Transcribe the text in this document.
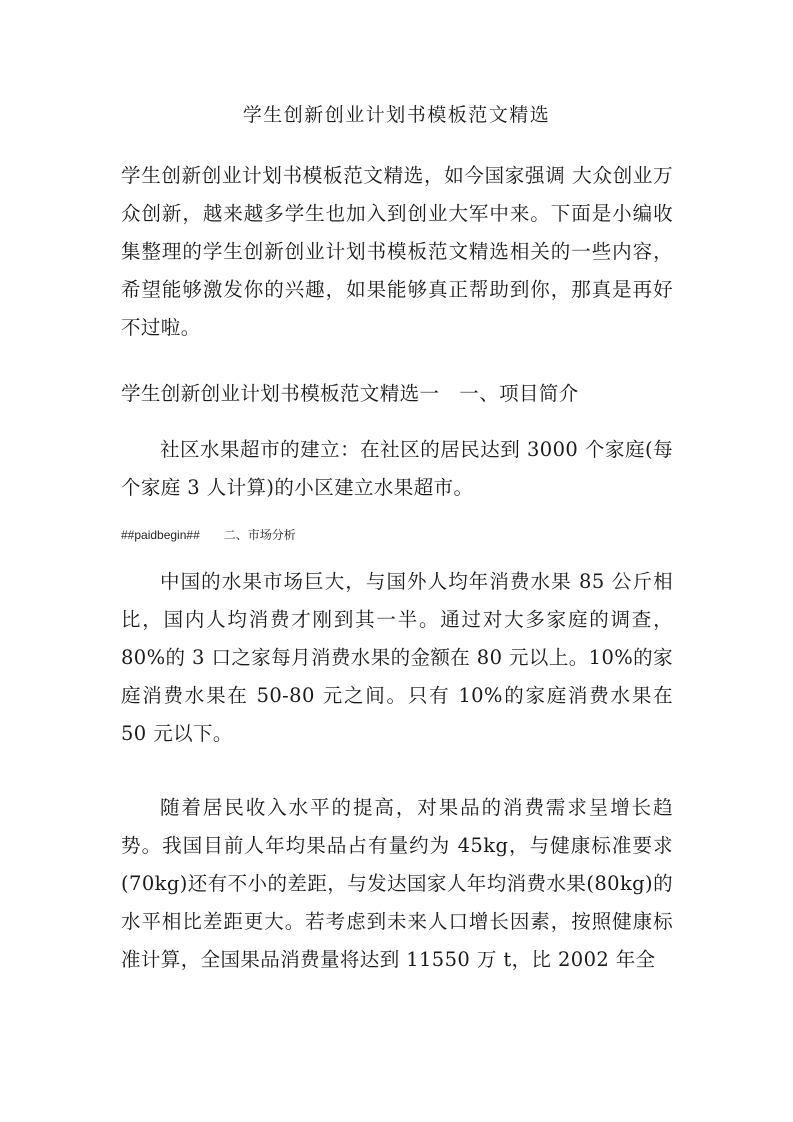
学生创新创业计划书模板范文精选

学生创新创业计划书模板范文精选，如今国家强调 大众创业万众创新，越来越多学生也加入到创业大军中来。下面是小编收集整理的学生创新创业计划书模板范文精选相关的一些内容，希望能够激发你的兴趣，如果能够真正帮助到你，那真是再好不过啦。

学生创新创业计划书模板范文精选一　一、项目简介

社区水果超市的建立：在社区的居民达到 3000 个家庭(每个家庭 3 人计算)的小区建立水果超市。

##paidbegin## 二、市场分析

中国的水果市场巨大，与国外人均年消费水果 85 公斤相比，国内人均消费才刚到其一半。通过对大多家庭的调查，80%的 3 口之家每月消费水果的金额在 80 元以上。10%的家庭消费水果在 50-80 元之间。只有 10%的家庭消费水果在 50 元以下。

随着居民收入水平的提高，对果品的消费需求呈增长趋势。我国目前人年均果品占有量约为 45kg，与健康标准要求(70kg)还有不小的差距，与发达国家人年均消费水果(80kg)的水平相比差距更大。若考虑到未来人口增长因素，按照健康标准计算，全国果品消费量将达到 11550 万 t，比 2002 年全
